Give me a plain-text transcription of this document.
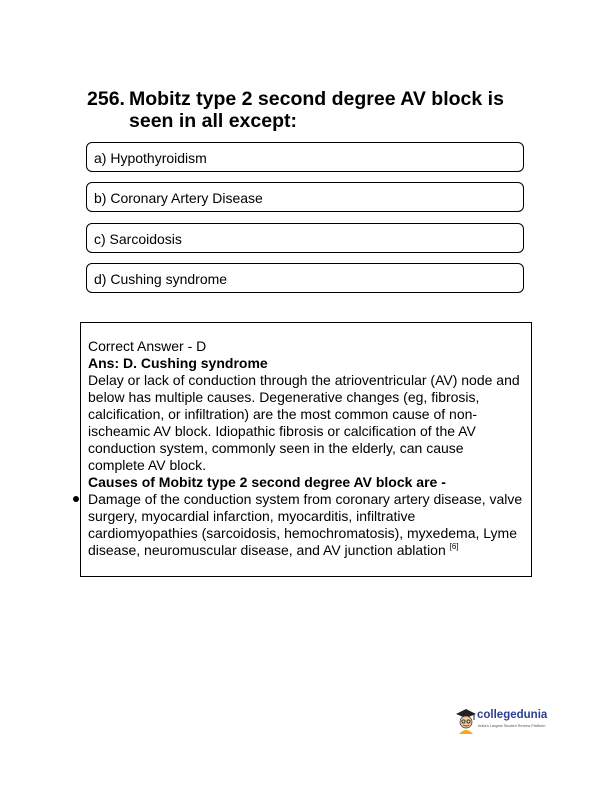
256. Mobitz type 2 second degree AV block is seen in all except:
a) Hypothyroidism
b) Coronary Artery Disease
c) Sarcoidosis
d) Cushing syndrome

Correct Answer - D

Ans: D. Cushing syndrome

Delay or lack of conduction through the atrioventricular (AV) node and below has multiple causes. Degenerative changes (eg, fibrosis, calcification, or infiltration) are the most common cause of non-ischeamic AV block. Idiopathic fibrosis or calcification of the AV conduction system, commonly seen in the elderly, can cause complete AV block.

Causes of Mobitz type 2 second degree AV block are -

Damage of the conduction system from coronary artery disease, valve surgery, myocardial infarction, myocarditis, infiltrative cardiomyopathies (sarcoidosis, hemochromatosis), myxedema, Lyme disease, neuromuscular disease, and AV junction ablation [6]
collegedunia
India's Largest Student Review Platform
